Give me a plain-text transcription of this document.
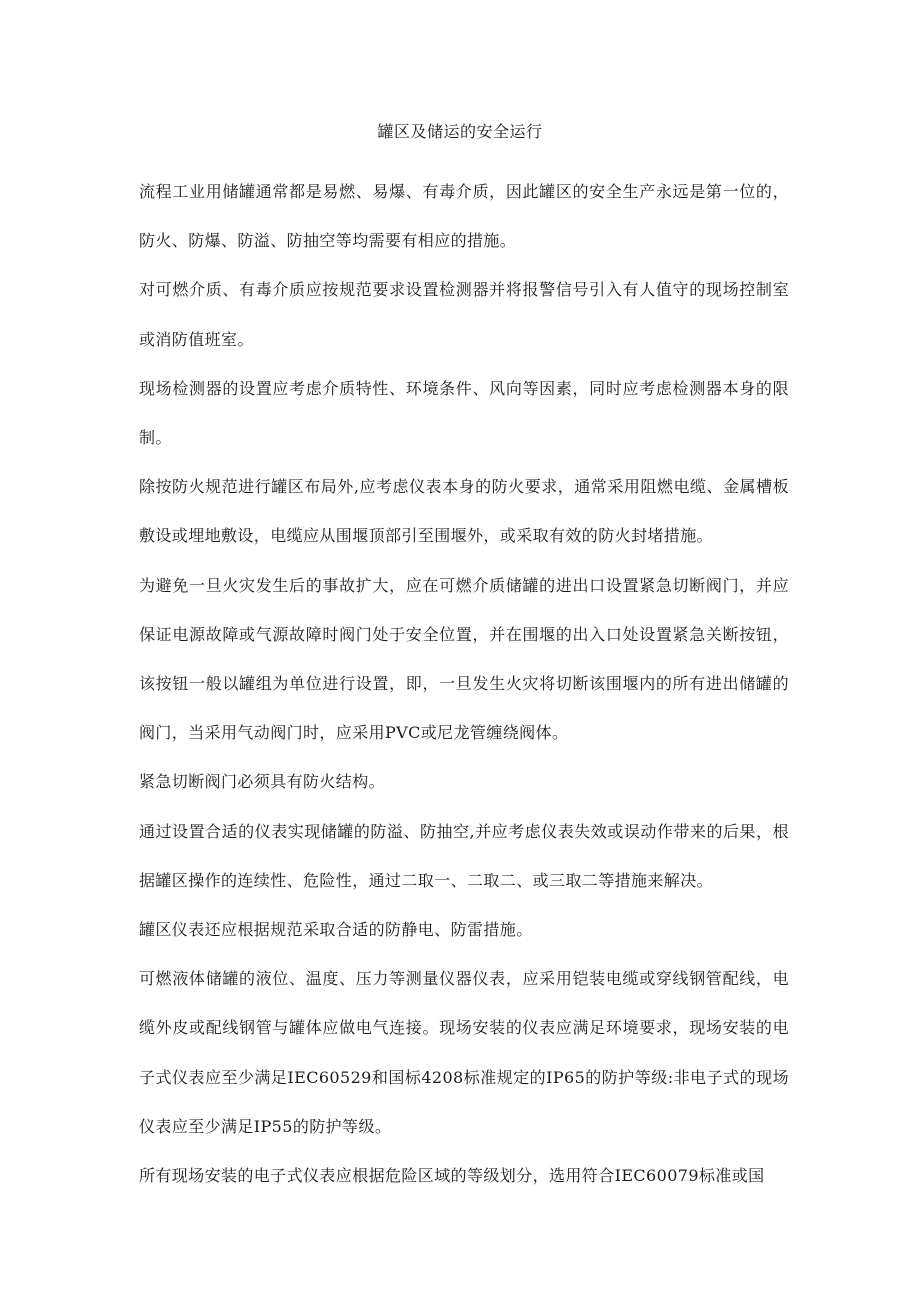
罐区及储运的安全运行

流程工业用储罐通常都是易燃、易爆、有毒介质，因此罐区的安全生产永远是第一位的，防火、防爆、防溢、防抽空等均需要有相应的措施。

对可燃介质、有毒介质应按规范要求设置检测器并将报警信号引入有人值守的现场控制室或消防值班室。

现场检测器的设置应考虑介质特性、环境条件、风向等因素，同时应考虑检测器本身的限制。

除按防火规范进行罐区布局外,应考虑仪表本身的防火要求，通常采用阻燃电缆、金属槽板敷设或埋地敷设，电缆应从围堰顶部引至围堰外，或采取有效的防火封堵措施。

为避免一旦火灾发生后的事故扩大，应在可燃介质储罐的进出口设置紧急切断阀门，并应保证电源故障或气源故障时阀门处于安全位置，并在围堰的出入口处设置紧急关断按钮，该按钮一般以罐组为单位进行设置，即，一旦发生火灾将切断该围堰内的所有进出储罐的阀门，当采用气动阀门时，应采用PVC或尼龙管缠绕阀体。

紧急切断阀门必须具有防火结构。

通过设置合适的仪表实现储罐的防溢、防抽空,并应考虑仪表失效或误动作带来的后果，根据罐区操作的连续性、危险性，通过二取一、二取二、或三取二等措施来解决。

罐区仪表还应根据规范采取合适的防静电、防雷措施。

可燃液体储罐的液位、温度、压力等测量仪器仪表，应采用铠装电缆或穿线钢管配线，电缆外皮或配线钢管与罐体应做电气连接。现场安装的仪表应满足环境要求，现场安装的电子式仪表应至少满足IEC60529和国标4208标准规定的IP65的防护等级:非电子式的现场仪表应至少满足IP55的防护等级。

所有现场安装的电子式仪表应根据危险区域的等级划分，选用符合IEC60079标准或国
